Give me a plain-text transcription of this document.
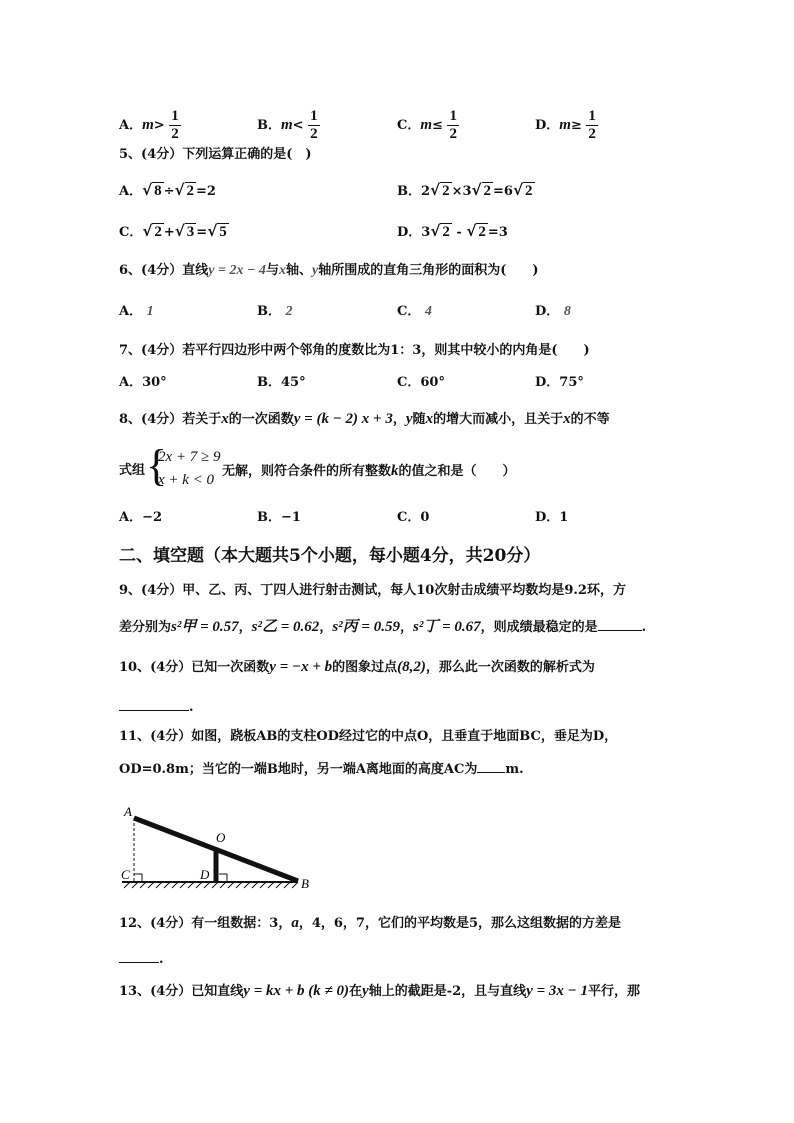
A．$m> \frac{1}{2}$	B．$m< \frac{1}{2}$	C．$m\le \frac{1}{2}$	D．$m\ge \frac{1}{2}$
5、(4分）下列运算正确的是(　)
A．√ 8 ÷√ 2 =2	B．2√ 2 ×3√ 2 =6√ 2
C．√ 2 +√ 3 =√ 5	D．3√ 2 - √ 2 =3
6、(4分）直线y = 2x − 4与x轴、y轴所围成的直角三角形的面积为(　　)
A． 1	B． 2	C． 4	D． 8
7、(4分）若平行四边形中两个邻角的度数比为1：3，则其中较小的内角是(　　)
A．30°	B．45°	C．60°	D．75°
8、(4分）若关于x的一次函数y = (k − 2) x + 3，y随x的增大而减小，且关于x的不等
式组 {
2x + 7 ≥ 9
x + k < 0
无解，则符合条件的所有整数k的值之和是（　　）
A．−2	B．−1	C．0	D．1
二、填空题（本大题共5个小题，每小题4分，共20分）
9、(4分）甲、乙、丙、丁四人进行射击测试，每人10次射击成绩平均数均是9.2环，方
差分别为s²甲 = 0.57，s²乙 = 0.62，s²丙 = 0.59，s²丁 = 0.67，则成绩最稳定的是	.
10、(4分）已知一次函数y = −x + b的图象过点(8,2)，那么此一次函数的解析式为
.
11、(4分）如图，跷板AB的支柱OD经过它的中点O，且垂直于地面BC，垂足为D，
OD=0.8m；当它的一端B地时，另一端A离地面的高度AC为 m.
A
O
C	D
B
12、(4分）有一组数据：3，a，4，6，7，它们的平均数是5，那么这组数据的方差是
.
13、(4分）已知直线y = kx + b (k ≠ 0)在y轴上的截距是-2，且与直线y = 3x − 1平行，那
